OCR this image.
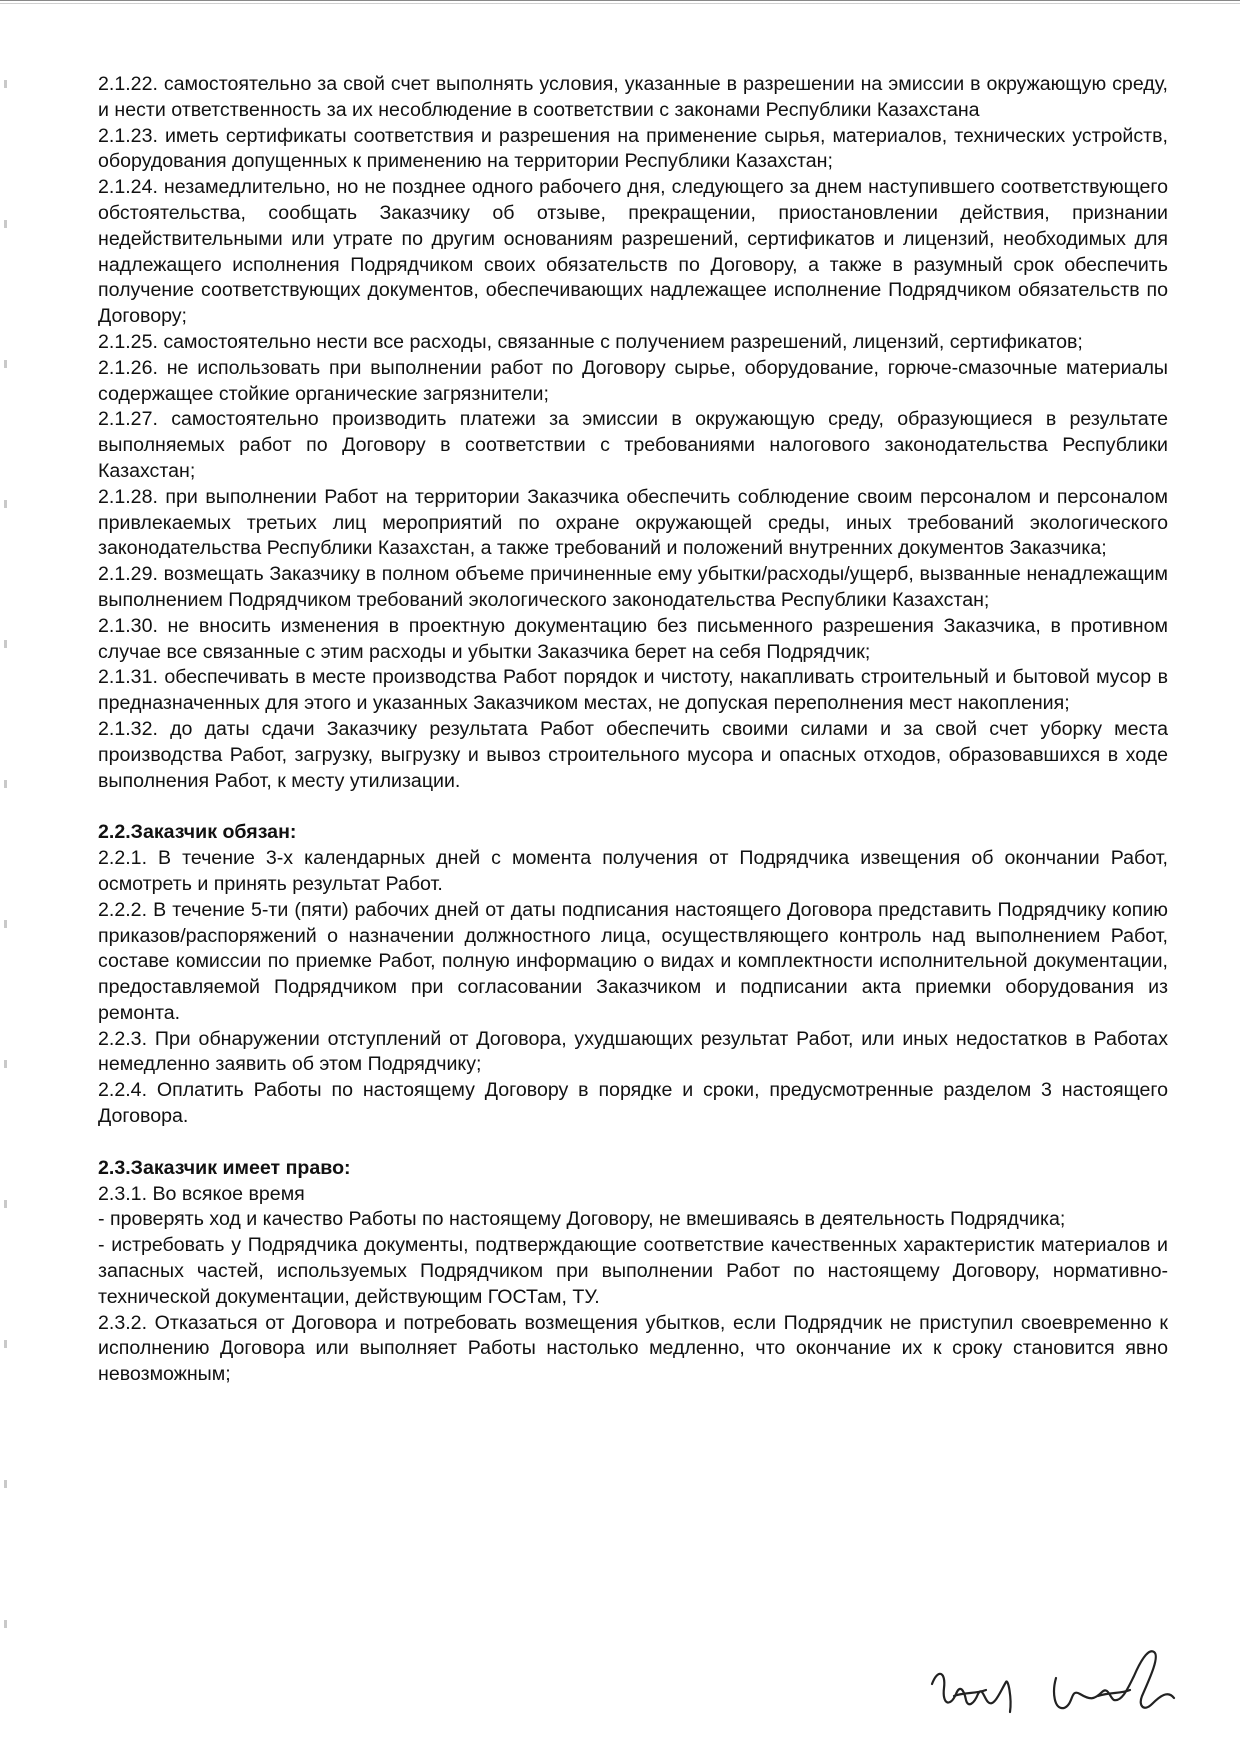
2.1.22. самостоятельно за свой счет выполнять условия, указанные в разрешении на эмиссии в окружающую среду, и нести ответственность за их несоблюдение в соответствии с законами Республики Казахстана

2.1.23. иметь сертификаты соответствия и разрешения на применение сырья, материалов, технических устройств, оборудования допущенных к применению на территории Республики Казахстан;

2.1.24. незамедлительно, но не позднее одного рабочего дня, следующего за днем наступившего соответствующего обстоятельства, сообщать Заказчику об отзыве, прекращении, приостановлении действия, признании недействительными или утрате по другим основаниям разрешений, сертификатов и лицензий, необходимых для надлежащего исполнения Подрядчиком своих обязательств по Договору, а также в разумный срок обеспечить получение соответствующих документов, обеспечивающих надлежащее исполнение Подрядчиком обязательств по Договору;

2.1.25. самостоятельно нести все расходы, связанные с получением разрешений, лицензий, сертификатов;

2.1.26. не использовать при выполнении работ по Договору сырье, оборудование, горюче-смазочные материалы содержащее стойкие органические загрязнители;

2.1.27. самостоятельно производить платежи за эмиссии в окружающую среду, образующиеся в результате выполняемых работ по Договору в соответствии с требованиями налогового законодательства Республики Казахстан;

2.1.28. при выполнении Работ на территории Заказчика обеспечить соблюдение своим персоналом и персоналом привлекаемых третьих лиц мероприятий по охране окружающей среды, иных требований экологического законодательства Республики Казахстан, а также требований и положений внутренних документов Заказчика;

2.1.29. возмещать Заказчику в полном объеме причиненные ему убытки/расходы/ущерб, вызванные ненадлежащим выполнением Подрядчиком требований экологического законодательства Республики Казахстан;

2.1.30. не вносить изменения в проектную документацию без письменного разрешения Заказчика, в противном случае все связанные с этим расходы и убытки Заказчика берет на себя Подрядчик;

2.1.31. обеспечивать в месте производства Работ порядок и чистоту, накапливать строительный и бытовой мусор в предназначенных для этого и указанных Заказчиком местах, не допуская переполнения мест накопления;

2.1.32. до даты сдачи Заказчику результата Работ обеспечить своими силами и за свой счет уборку места производства Работ, загрузку, выгрузку и вывоз строительного мусора и опасных отходов, образовавшихся в ходе выполнения Работ, к месту утилизации.

2.2.Заказчик обязан:

2.2.1. В течение 3-х календарных дней с момента получения от Подрядчика извещения об окончании Работ, осмотреть и принять результат Работ.

2.2.2. В течение 5-ти (пяти) рабочих дней от даты подписания настоящего Договора представить Подрядчику копию приказов/распоряжений о назначении должностного лица, осуществляющего контроль над выполнением Работ, составе комиссии по приемке Работ, полную информацию о видах и комплектности исполнительной документации, предоставляемой Подрядчиком при согласовании Заказчиком и подписании акта приемки оборудования из ремонта.

2.2.3. При обнаружении отступлений от Договора, ухудшающих результат Работ, или иных недостатков в Работах немедленно заявить об этом Подрядчику;

2.2.4. Оплатить Работы по настоящему Договору в порядке и сроки, предусмотренные разделом 3 настоящего Договора.

2.3.Заказчик имеет право:

2.3.1. Во всякое время

- проверять ход и качество Работы по настоящему Договору, не вмешиваясь в деятельность Подрядчика;

- истребовать у Подрядчика документы, подтверждающие соответствие качественных характеристик материалов и запасных частей, используемых Подрядчиком при выполнении Работ по настоящему Договору, нормативно-технической документации, действующим ГОСТам, ТУ.

2.3.2. Отказаться от Договора и потребовать возмещения убытков, если Подрядчик не приступил своевременно к исполнению Договора или выполняет Работы настолько медленно, что окончание их к сроку становится явно невозможным;
